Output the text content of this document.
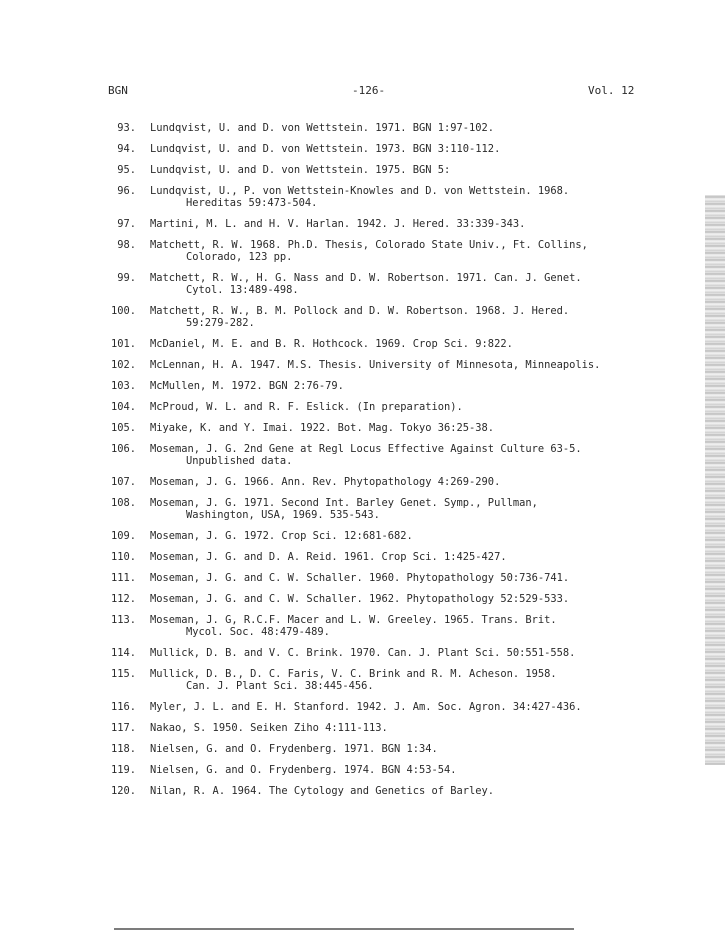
BGN	-126-	Vol. 12
93. Lundqvist, U. and D. von Wettstein. 1971. BGN 1:97-102.
94. Lundqvist, U. and D. von Wettstein. 1973. BGN 3:110-112.
95. Lundqvist, U. and D. von Wettstein. 1975. BGN 5:
96. Lundqvist, U., P. von Wettstein-Knowles and D. von Wettstein. 1968.
Hereditas 59:473-504.
97. Martini, M. L. and H. V. Harlan. 1942. J. Hered. 33:339-343.
98. Matchett, R. W. 1968. Ph.D. Thesis, Colorado State Univ., Ft. Collins,
Colorado, 123 pp.
99. Matchett, R. W., H. G. Nass and D. W. Robertson. 1971. Can. J. Genet.
Cytol. 13:489-498.
100. Matchett, R. W., B. M. Pollock and D. W. Robertson. 1968. J. Hered.
59:279-282.
101. McDaniel, M. E. and B. R. Hothcock. 1969. Crop Sci. 9:822.
102. McLennan, H. A. 1947. M.S. Thesis. University of Minnesota, Minneapolis.
103. McMullen, M. 1972. BGN 2:76-79.
104. McProud, W. L. and R. F. Eslick. (In preparation).
105. Miyake, K. and Y. Imai. 1922. Bot. Mag. Tokyo 36:25-38.
106. Moseman, J. G. 2nd Gene at Regl Locus Effective Against Culture 63-5.
Unpublished data.
107. Moseman, J. G. 1966. Ann. Rev. Phytopathology 4:269-290.
108. Moseman, J. G. 1971. Second Int. Barley Genet. Symp., Pullman,
Washington, USA, 1969. 535-543.
109. Moseman, J. G. 1972. Crop Sci. 12:681-682.
110. Moseman, J. G. and D. A. Reid. 1961. Crop Sci. 1:425-427.
111. Moseman, J. G. and C. W. Schaller. 1960. Phytopathology 50:736-741.
112. Moseman, J. G. and C. W. Schaller. 1962. Phytopathology 52:529-533.
113. Moseman, J. G, R.C.F. Macer and L. W. Greeley. 1965. Trans. Brit.
Mycol. Soc. 48:479-489.
114. Mullick, D. B. and V. C. Brink. 1970. Can. J. Plant Sci. 50:551-558.
115. Mullick, D. B., D. C. Faris, V. C. Brink and R. M. Acheson. 1958.
Can. J. Plant Sci. 38:445-456.
116. Myler, J. L. and E. H. Stanford. 1942. J. Am. Soc. Agron. 34:427-436.
117. Nakao, S. 1950. Seiken Ziho 4:111-113.
118. Nielsen, G. and O. Frydenberg. 1971. BGN 1:34.
119. Nielsen, G. and O. Frydenberg. 1974. BGN 4:53-54.
120. Nilan, R. A. 1964. The Cytology and Genetics of Barley.
